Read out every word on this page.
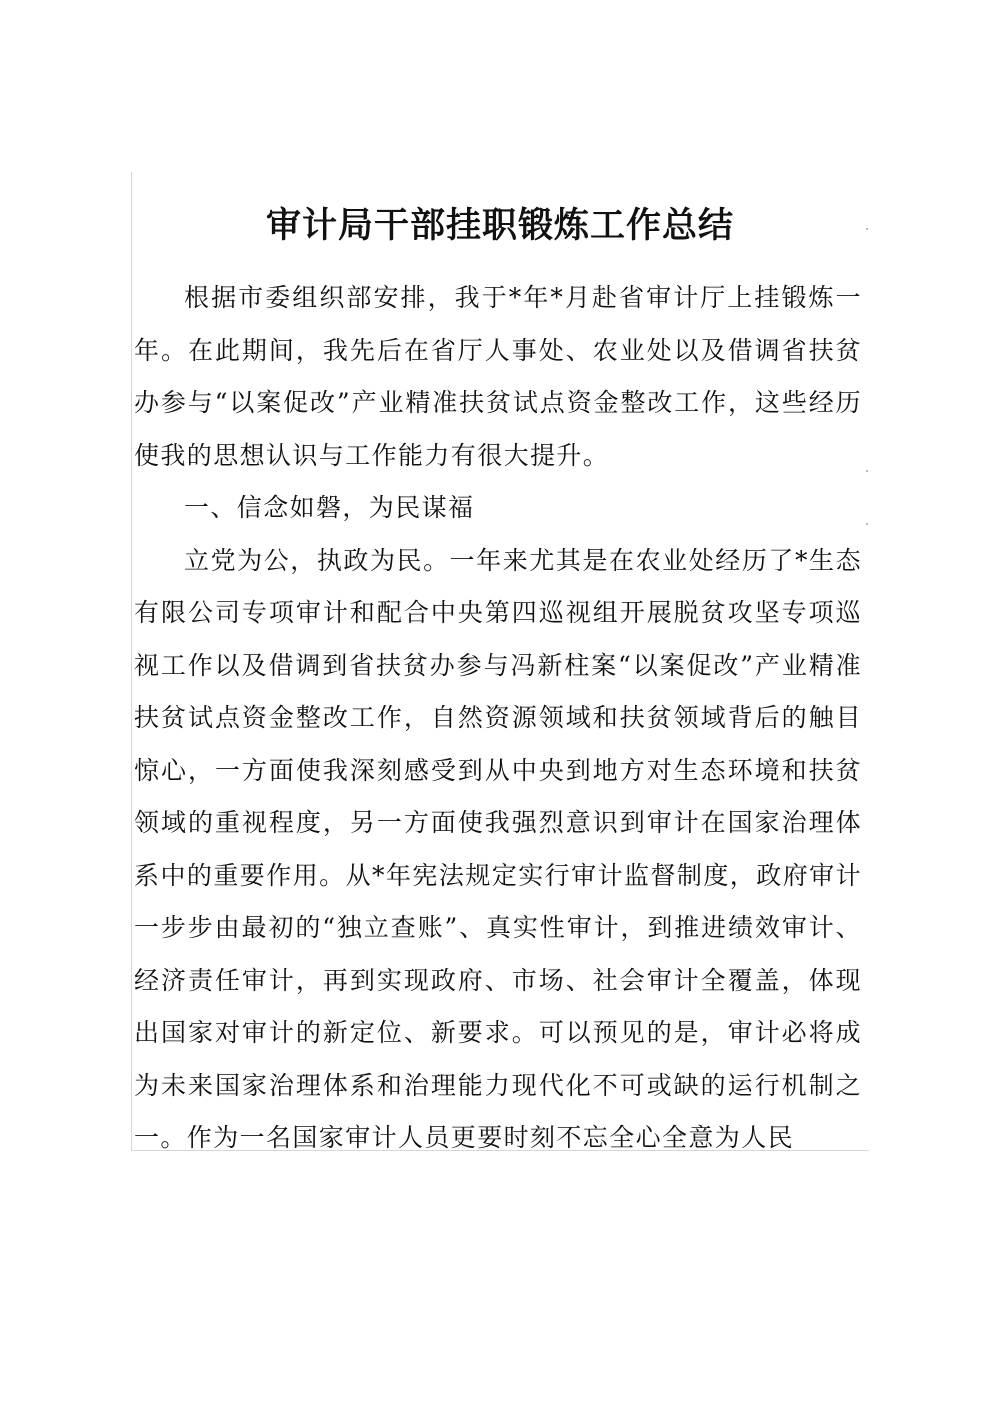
审计局干部挂职锻炼工作总结

根据市委组织部安排，我于*年*月赴省审计厅上挂锻炼一年。在此期间，我先后在省厅人事处、农业处以及借调省扶贫办参与“以案促改”产业精准扶贫试点资金整改工作，这些经历使我的思想认识与工作能力有很大提升。

一、信念如磐，为民谋福

立党为公，执政为民。一年来尤其是在农业处经历了*生态有限公司专项审计和配合中央第四巡视组开展脱贫攻坚专项巡视工作以及借调到省扶贫办参与冯新柱案“以案促改”产业精准扶贫试点资金整改工作，自然资源领域和扶贫领域背后的触目惊心，一方面使我深刻感受到从中央到地方对生态环境和扶贫领域的重视程度，另一方面使我强烈意识到审计在国家治理体系中的重要作用。从*年宪法规定实行审计监督制度，政府审计一步步由最初的“独立查账”、真实性审计，到推进绩效审计、经济责任审计，再到实现政府、市场、社会审计全覆盖，体现出国家对审计的新定位、新要求。可以预见的是，审计必将成为未来国家治理体系和治理能力现代化不可或缺的运行机制之一。作为一名国家审计人员更要时刻不忘全心全意为人民
